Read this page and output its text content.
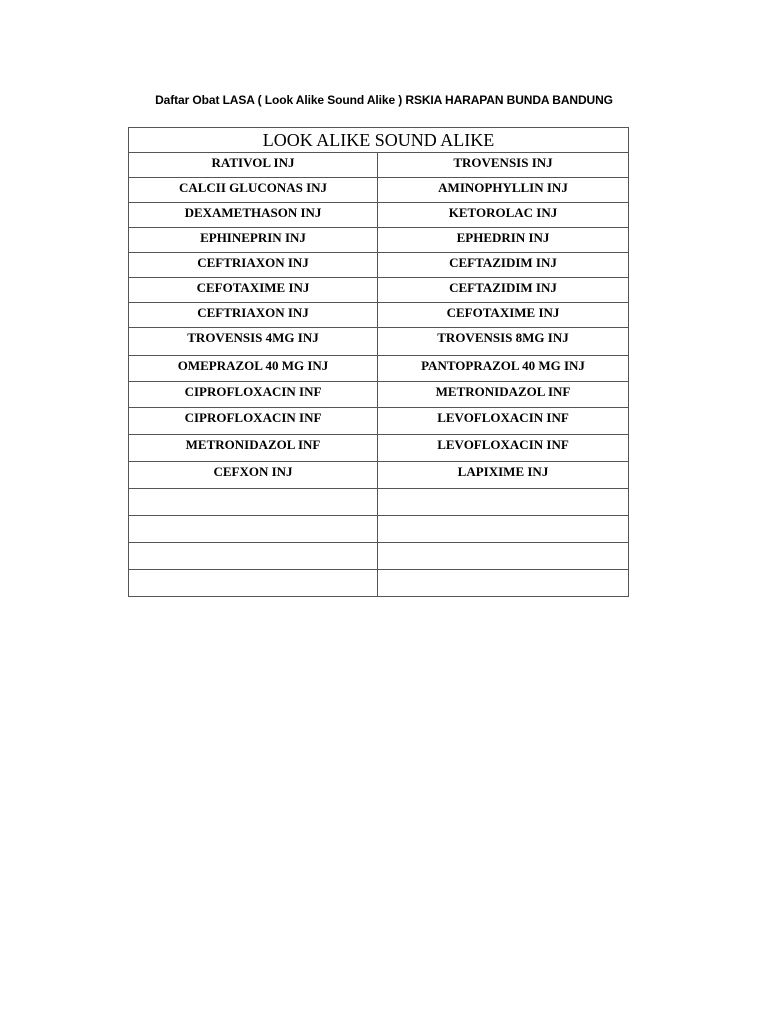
Daftar Obat LASA ( Look Alike Sound Alike ) RSKIA HARAPAN BUNDA BANDUNG
LOOK ALIKE SOUND ALIKE	

RATIVOL INJ	TROVENSIS INJ

CALCII GLUCONAS INJ	AMINOPHYLLIN INJ

DEXAMETHASON INJ	KETOROLAC INJ

EPHINEPRIN INJ	EPHEDRIN INJ

CEFTRIAXON INJ	CEFTAZIDIM INJ

CEFOTAXIME INJ	CEFTAZIDIM INJ

CEFTRIAXON INJ	CEFOTAXIME INJ

TROVENSIS 4MG INJ	TROVENSIS 8MG INJ

OMEPRAZOL 40 MG INJ	PANTOPRAZOL 40 MG INJ

CIPROFLOXACIN INF	METRONIDAZOL INF

CIPROFLOXACIN INF	LEVOFLOXACIN INF

METRONIDAZOL INF	LEVOFLOXACIN INF

CEFXON INJ	LAPIXIME INJ
